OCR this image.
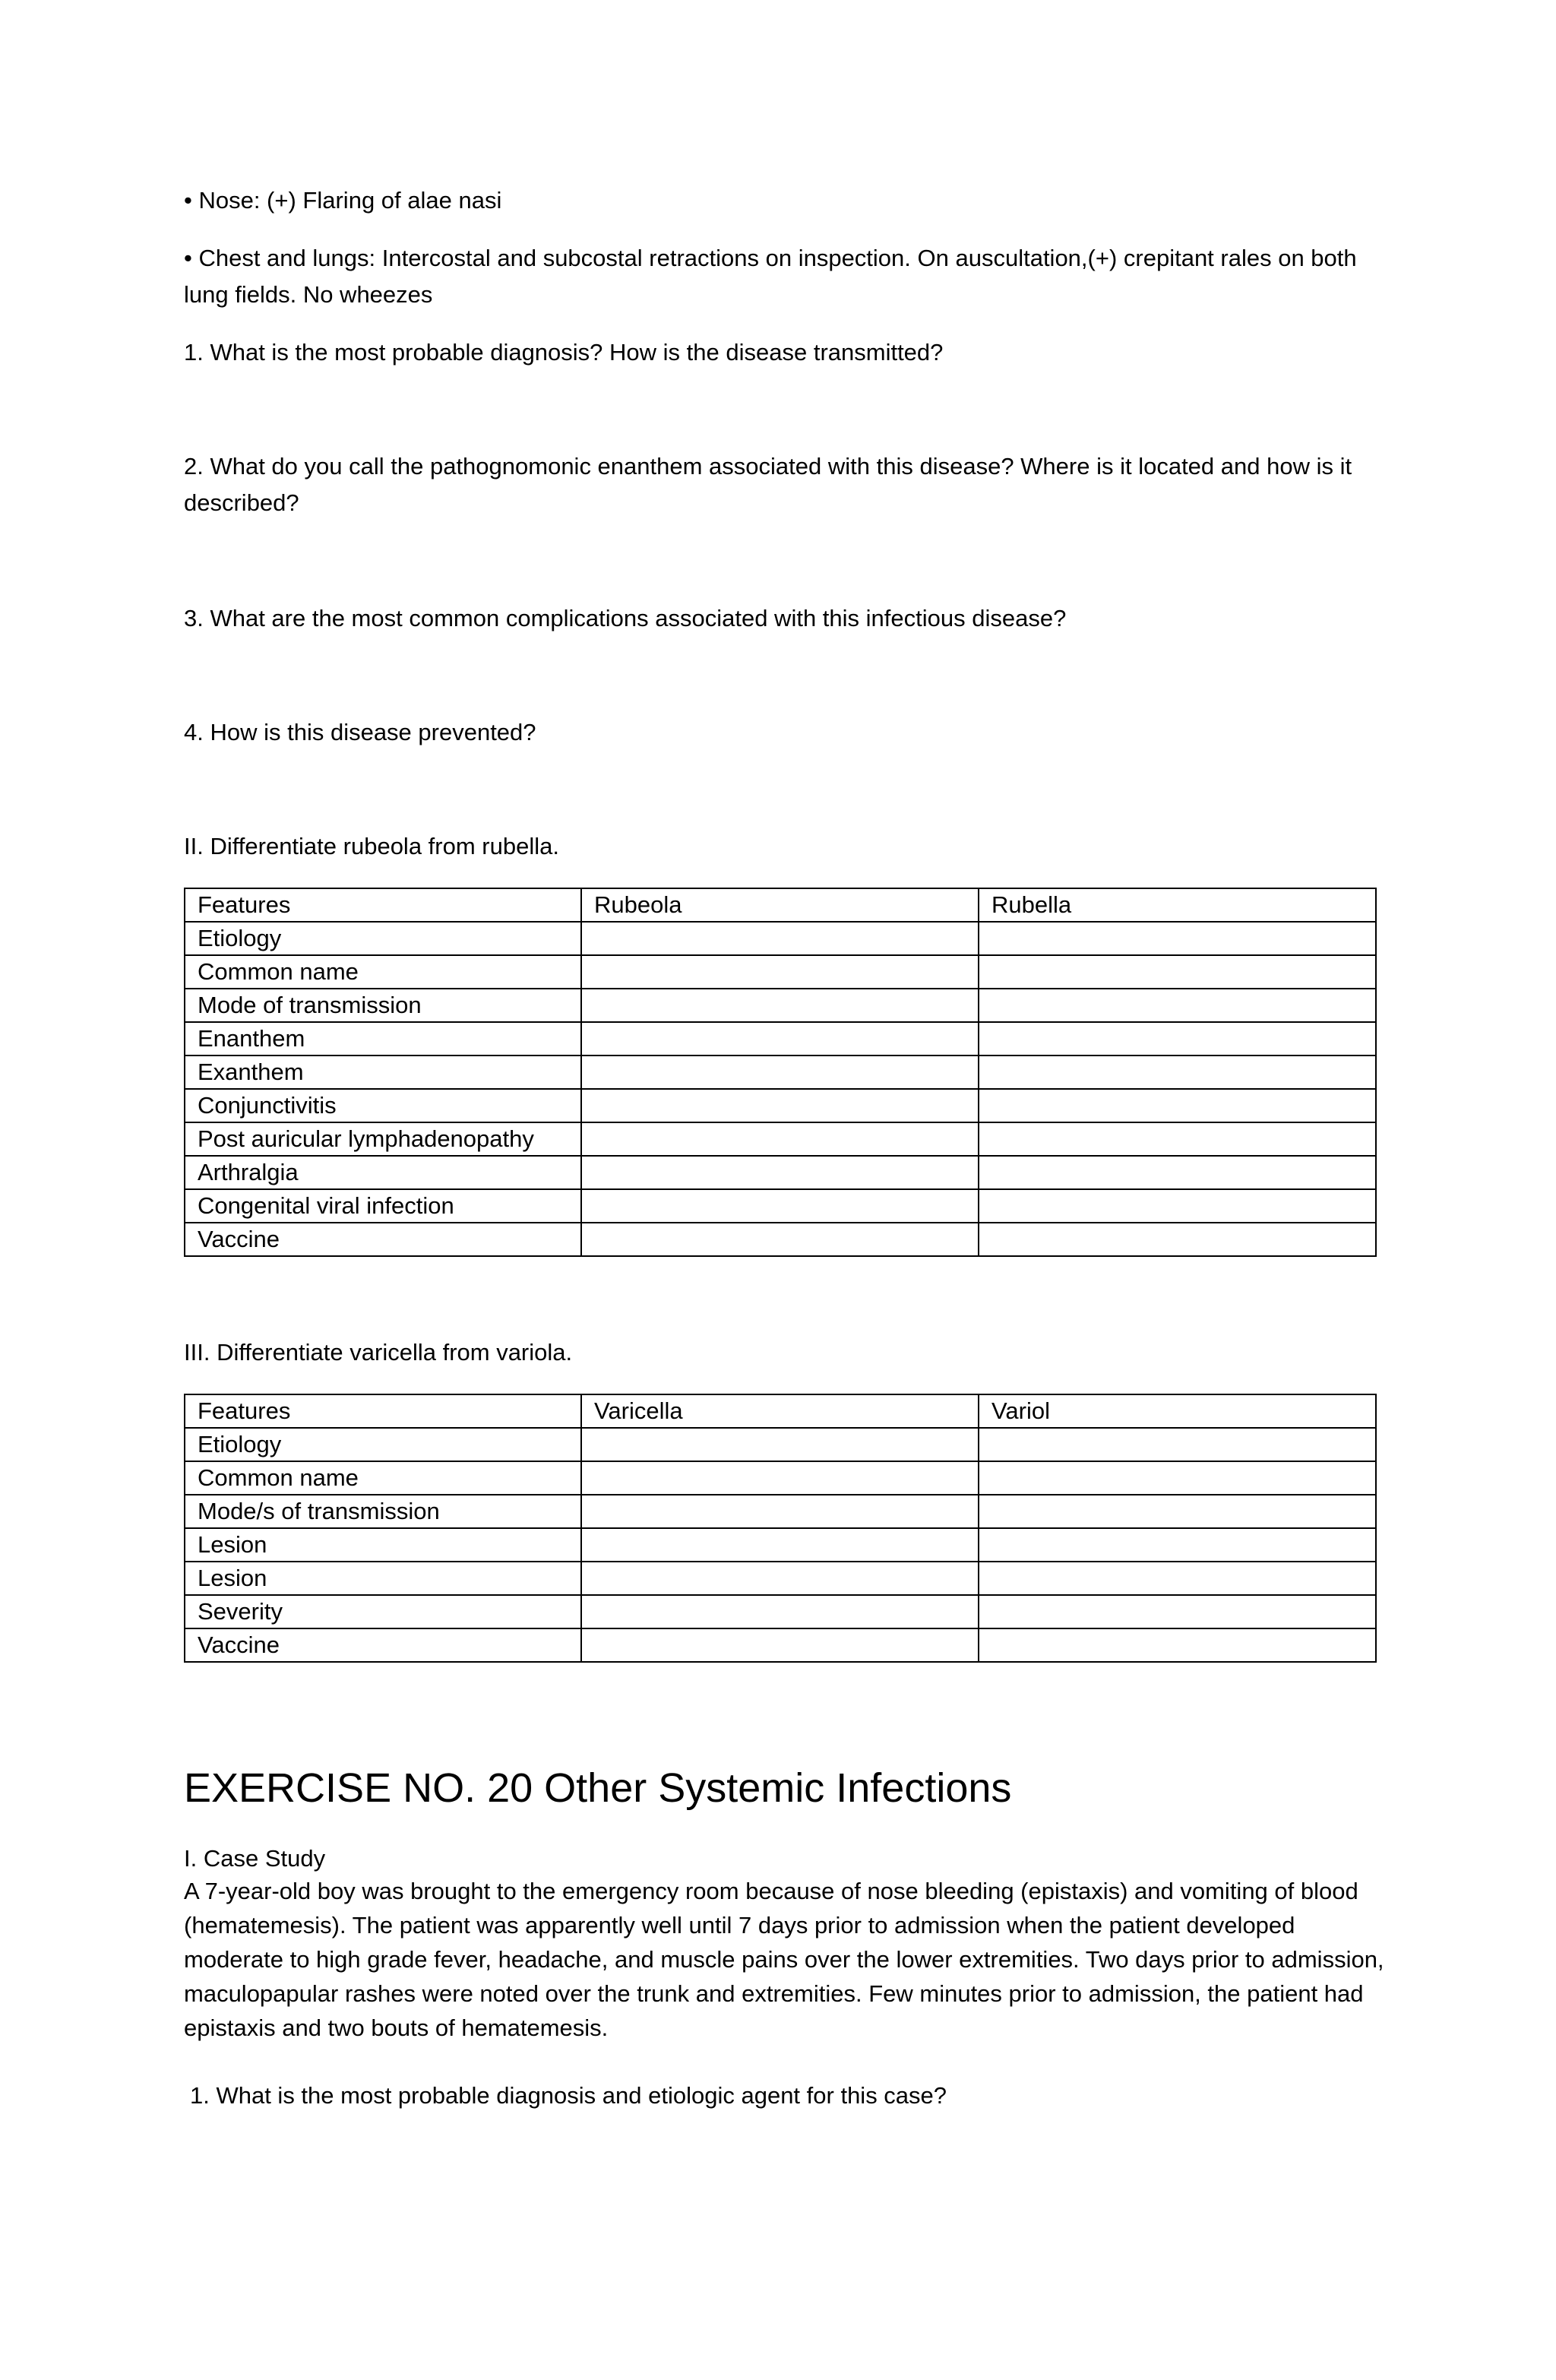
• Nose: (+) Flaring of alae nasi

• Chest and lungs: Intercostal and subcostal retractions on inspection. On auscultation,(+) crepitant rales on both lung fields. No wheezes

1. What is the most probable diagnosis? How is the disease transmitted?

2. What do you call the pathognomonic enanthem associated with this disease? Where is it located and how is it described?

3. What are the most common complications associated with this infectious disease?

4. How is this disease prevented?

II. Differentiate rubeola from rubella.

Features	Rubeola	Rubella
Etiology		
Common name		
Mode of transmission		
Enanthem		
Exanthem		
Conjunctivitis		
Post auricular lymphadenopathy		
Arthralgia		
Congenital viral infection		
Vaccine		

III. Differentiate varicella from variola.

Features	Varicella	Variol
Etiology		
Common name		
Mode/s of transmission		
Lesion		
Lesion		
Severity		
Vaccine		
EXERCISE NO. 20 Other Systemic Infections

I. Case Study

A 7-year-old boy was brought to the emergency room because of nose bleeding (epistaxis) and vomiting of blood (hematemesis). The patient was apparently well until 7 days prior to admission when the patient developed moderate to high grade fever, headache, and muscle pains over the lower extremities. Two days prior to admission, maculopapular rashes were noted over the trunk and extremities. Few minutes prior to admission, the patient had epistaxis and two bouts of hematemesis.

1. What is the most probable diagnosis and etiologic agent for this case?
